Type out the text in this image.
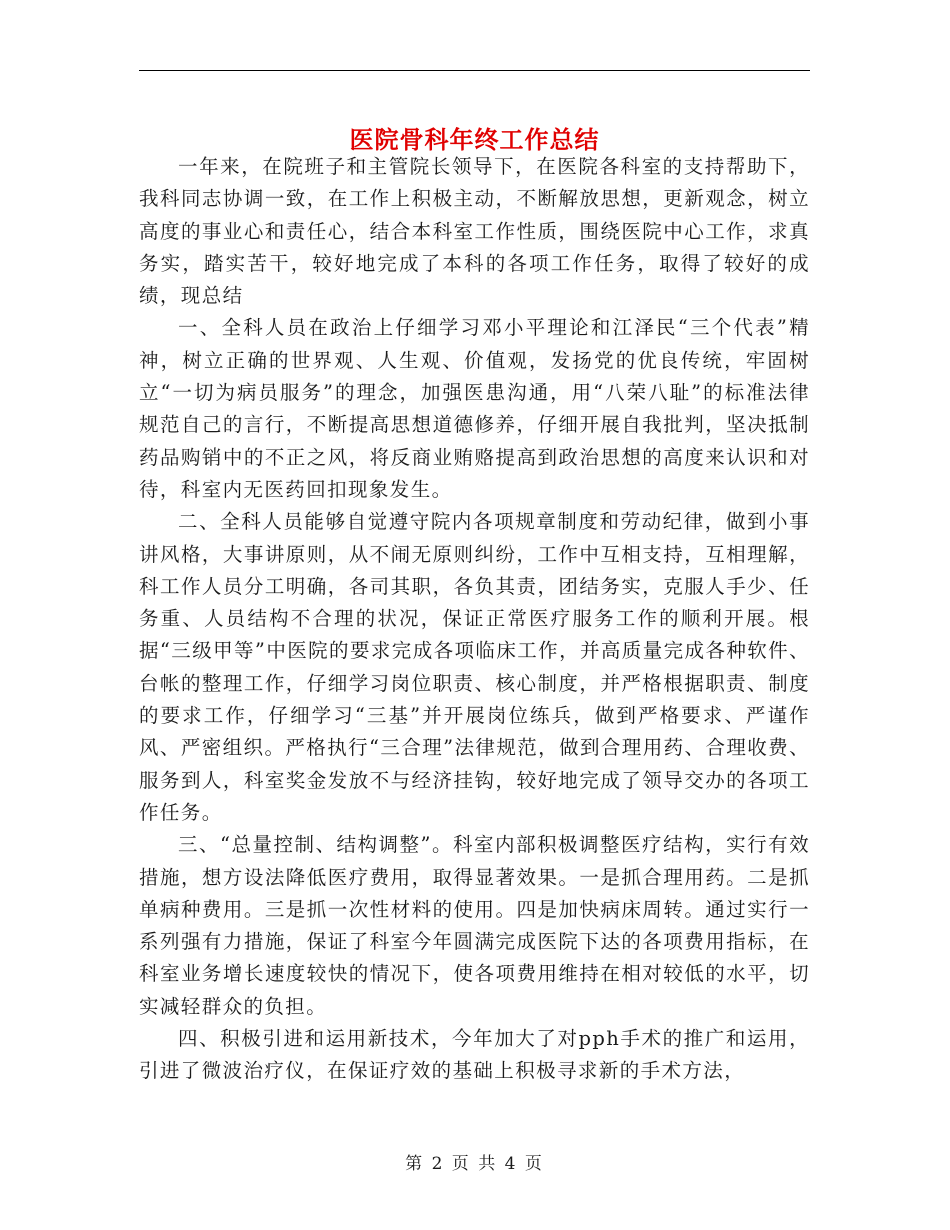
医院骨科年终工作总结

一年来，在院班子和主管院长领导下，在医院各科室的支持帮助下，我科同志协调一致，在工作上积极主动，不断解放思想，更新观念，树立高度的事业心和责任心，结合本科室工作性质，围绕医院中心工作，求真务实，踏实苦干，较好地完成了本科的各项工作任务，取得了较好的成绩，现总结

一、全科人员在政治上仔细学习邓小平理论和江泽民“三个代表”精神，树立正确的世界观、人生观、价值观，发扬党的优良传统，牢固树立“一切为病员服务”的理念，加强医患沟通，用“八荣八耻”的标准法律规范自己的言行，不断提高思想道德修养，仔细开展自我批判，坚决抵制药品购销中的不正之风，将反商业贿赂提高到政治思想的高度来认识和对待，科室内无医药回扣现象发生。

二、全科人员能够自觉遵守院内各项规章制度和劳动纪律，做到小事讲风格，大事讲原则，从不闹无原则纠纷，工作中互相支持，互相理解，科工作人员分工明确，各司其职，各负其责，团结务实，克服人手少、任务重、人员结构不合理的状况，保证正常医疗服务工作的顺利开展。根据“三级甲等”中医院的要求完成各项临床工作，并高质量完成各种软件、台帐的整理工作，仔细学习岗位职责、核心制度，并严格根据职责、制度的要求工作，仔细学习“三基”并开展岗位练兵，做到严格要求、严谨作风、严密组织。严格执行“三合理”法律规范，做到合理用药、合理收费、服务到人，科室奖金发放不与经济挂钩，较好地完成了领导交办的各项工作任务。

三、“总量控制、结构调整”。科室内部积极调整医疗结构，实行有效措施，想方设法降低医疗费用，取得显著效果。一是抓合理用药。二是抓单病种费用。三是抓一次性材料的使用。四是加快病床周转。通过实行一系列强有力措施，保证了科室今年圆满完成医院下达的各项费用指标，在科室业务增长速度较快的情况下，使各项费用维持在相对较低的水平，切实减轻群众的负担。

四、积极引进和运用新技术，今年加大了对pph手术的推广和运用，引进了微波治疗仪，在保证疗效的基础上积极寻求新的手术方法，

第 2 页 共 4 页
